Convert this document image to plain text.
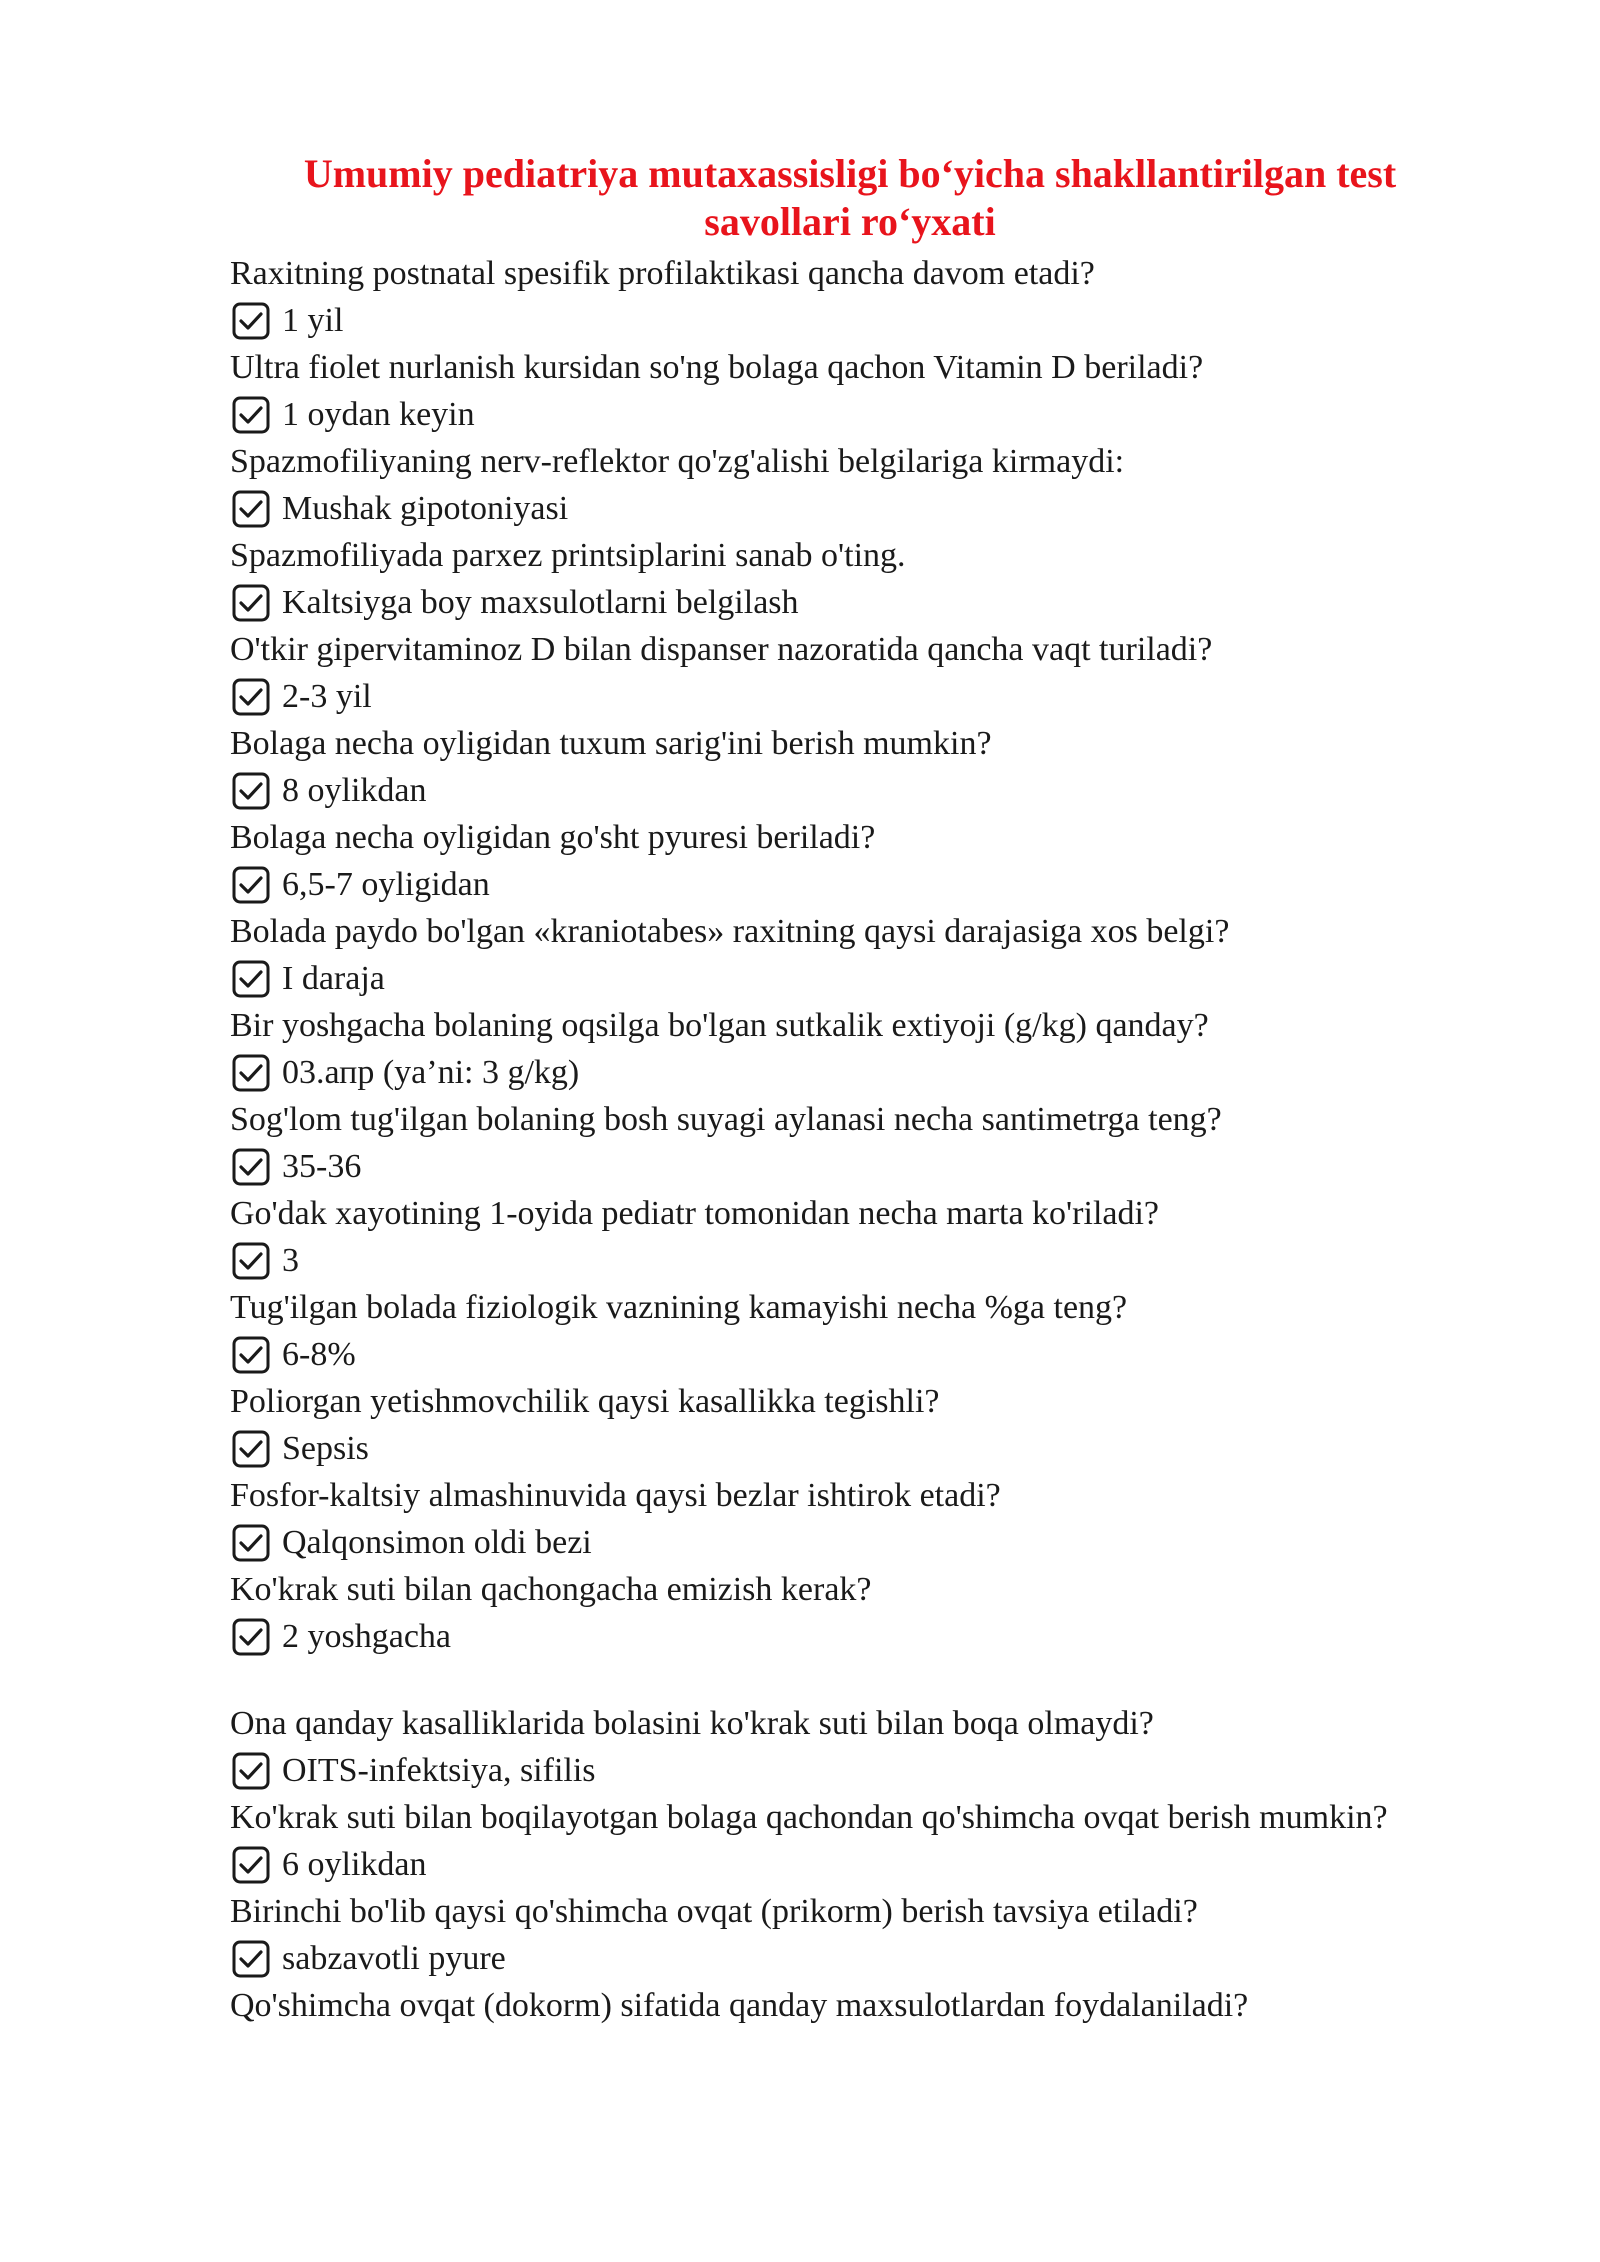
Umumiy pediatriya mutaxassisligi bo‘yicha shakllantirilgan test savollari ro‘yxati
Raxitning postnatal spesifik profilaktikasi qancha davom etadi?
1 yil
Ultra fiolet nurlanish kursidan so'ng bolaga qachon Vitamin D beriladi?
1 oydan keyin
Spazmofiliyaning nerv-reflektor qo'zg'alishi belgilariga kirmaydi:
Mushak gipotoniyasi
Spazmofiliyada parxez printsiplarini sanab o'ting.
Kaltsiyga boy maxsulotlarni belgilash
O'tkir gipervitaminoz D bilan dispanser nazoratida qancha vaqt turiladi?
2-3 yil
Bolaga necha oyligidan tuxum sarig'ini berish mumkin?
8 oylikdan
Bolaga necha oyligidan go'sht pyuresi beriladi?
6,5-7 oyligidan
Bolada paydo bo'lgan «kraniotabes» raxitning qaysi darajasiga xos belgi?
I daraja
Bir yoshgacha bolaning oqsilga bo'lgan sutkalik extiyoji (g/kg) qanday?
03.апр (ya’ni: 3 g/kg)
Sog'lom tug'ilgan bolaning bosh suyagi aylanasi necha santimetrga teng?
35-36
Go'dak xayotining 1-oyida pediatr tomonidan necha marta ko'riladi?
3
Tug'ilgan bolada fiziologik vaznining kamayishi necha %ga teng?
6-8%
Poliorgan yetishmovchilik qaysi kasallikka tegishli?
Sepsis
Fosfor-kaltsiy almashinuvida qaysi bezlar ishtirok etadi?
Qalqonsimon oldi bezi
Ko'krak suti bilan qachongacha emizish kerak?
2 yoshgacha
Ona qanday kasalliklarida bolasini ko'krak suti bilan boqa olmaydi?
OITS-infektsiya, sifilis
Ko'krak suti bilan boqilayotgan bolaga qachondan qo'shimcha ovqat berish mumkin?
6 oylikdan
Birinchi bo'lib qaysi qo'shimcha ovqat (prikorm) berish tavsiya etiladi?
sabzavotli pyure
Qo'shimcha ovqat (dokorm) sifatida qanday maxsulotlardan foydalaniladi?
